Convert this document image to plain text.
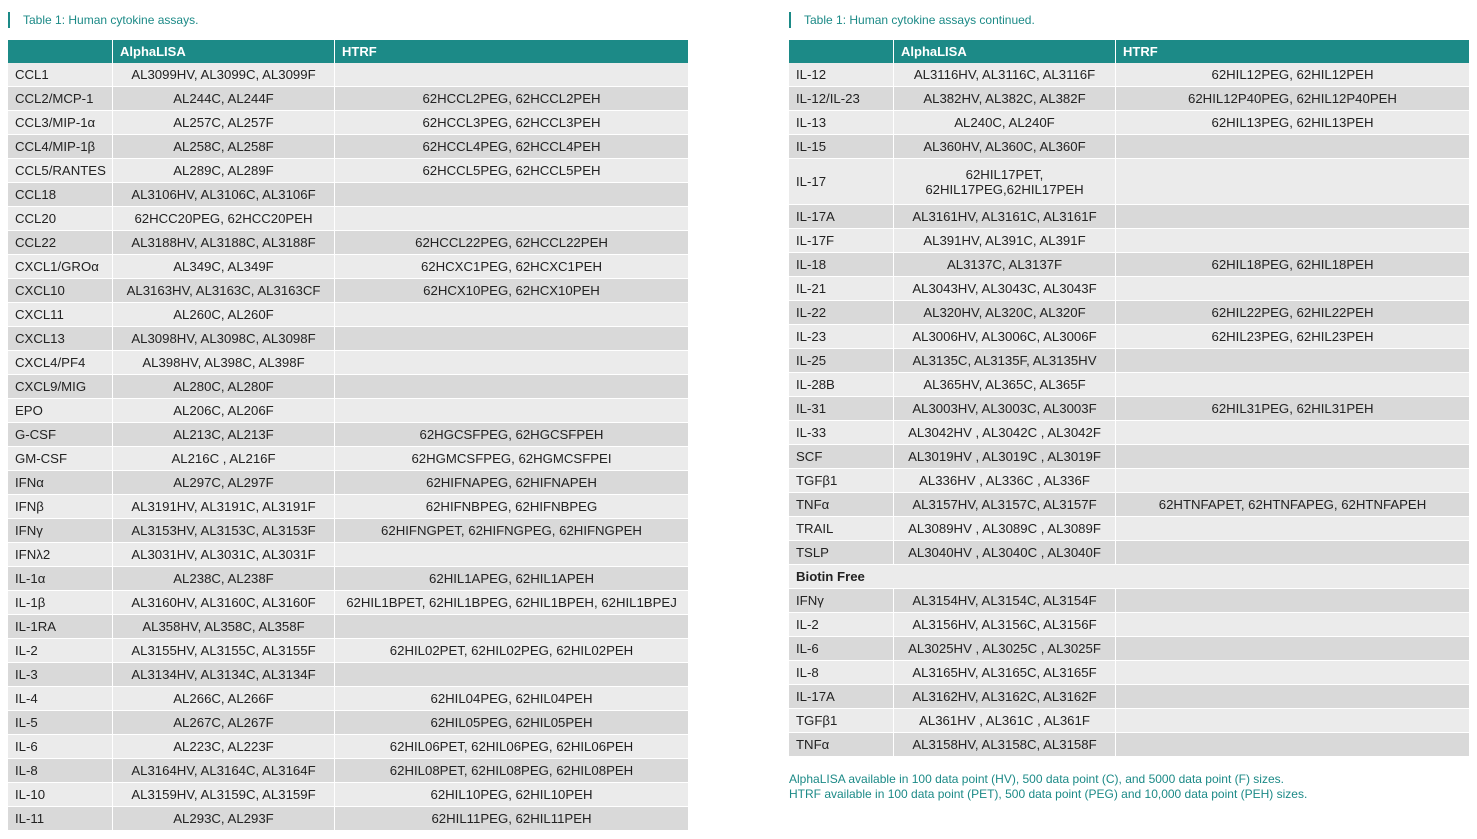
Table 1: Human cytokine assays.
	AlphaLISA	HTRF
CCL1	AL3099HV, AL3099C, AL3099F	
CCL2/MCP-1	AL244C, AL244F	62HCCL2PEG, 62HCCL2PEH
CCL3/MIP-1α	AL257C, AL257F	62HCCL3PEG, 62HCCL3PEH
CCL4/MIP-1β	AL258C, AL258F	62HCCL4PEG, 62HCCL4PEH
CCL5/RANTES	AL289C, AL289F	62HCCL5PEG, 62HCCL5PEH
CCL18	AL3106HV, AL3106C, AL3106F	
CCL20	62HCC20PEG, 62HCC20PEH	
CCL22	AL3188HV, AL3188C, AL3188F	62HCCL22PEG, 62HCCL22PEH
CXCL1/GROα	AL349C, AL349F	62HCXC1PEG, 62HCXC1PEH
CXCL10	AL3163HV, AL3163C, AL3163CF	62HCX10PEG, 62HCX10PEH
CXCL11	AL260C, AL260F	
CXCL13	AL3098HV, AL3098C, AL3098F	
CXCL4/PF4	AL398HV, AL398C, AL398F	
CXCL9/MIG	AL280C, AL280F	
EPO	AL206C, AL206F	
G-CSF	AL213C, AL213F	62HGCSFPEG, 62HGCSFPEH
GM-CSF	AL216C , AL216F	62HGMCSFPEG, 62HGMCSFPEI
IFNα	AL297C, AL297F	62HIFNAPEG, 62HIFNAPEH
IFNβ	AL3191HV, AL3191C, AL3191F	62HIFNBPEG, 62HIFNBPEG
IFNγ	AL3153HV, AL3153C, AL3153F	62HIFNGPET, 62HIFNGPEG, 62HIFNGPEH
IFNλ2	AL3031HV, AL3031C, AL3031F	
IL-1α	AL238C, AL238F	62HIL1APEG, 62HIL1APEH
IL-1β	AL3160HV, AL3160C, AL3160F	62HIL1BPET, 62HIL1BPEG, 62HIL1BPEH, 62HIL1BPEJ
IL-1RA	AL358HV, AL358C, AL358F	
IL-2	AL3155HV, AL3155C, AL3155F	62HIL02PET, 62HIL02PEG, 62HIL02PEH
IL-3	AL3134HV, AL3134C, AL3134F	
IL-4	AL266C, AL266F	62HIL04PEG, 62HIL04PEH
IL-5	AL267C, AL267F	62HIL05PEG, 62HIL05PEH
IL-6	AL223C, AL223F	62HIL06PET, 62HIL06PEG, 62HIL06PEH
IL-8	AL3164HV, AL3164C, AL3164F	62HIL08PET, 62HIL08PEG, 62HIL08PEH
IL-10	AL3159HV, AL3159C, AL3159F	62HIL10PEG, 62HIL10PEH
IL-11	AL293C, AL293F	62HIL11PEG, 62HIL11PEH
Table 1: Human cytokine assays continued.
	AlphaLISA	HTRF
IL-12	AL3116HV, AL3116C, AL3116F	62HIL12PEG, 62HIL12PEH
IL-12/IL-23	AL382HV, AL382C, AL382F	62HIL12P40PEG, 62HIL12P40PEH
IL-13	AL240C, AL240F	62HIL13PEG, 62HIL13PEH
IL-15	AL360HV, AL360C, AL360F	
IL-17	62HIL17PET,
62HIL17PEG,62HIL17PEH	
IL-17A	AL3161HV, AL3161C, AL3161F	
IL-17F	AL391HV, AL391C, AL391F	
IL-18	AL3137C, AL3137F	62HIL18PEG, 62HIL18PEH
IL-21	AL3043HV, AL3043C, AL3043F	
IL-22	AL320HV, AL320C, AL320F	62HIL22PEG, 62HIL22PEH
IL-23	AL3006HV, AL3006C, AL3006F	62HIL23PEG, 62HIL23PEH
IL-25	AL3135C, AL3135F, AL3135HV	
IL-28B	AL365HV, AL365C, AL365F	
IL-31	AL3003HV, AL3003C, AL3003F	62HIL31PEG, 62HIL31PEH
IL-33	AL3042HV , AL3042C , AL3042F	
SCF	AL3019HV , AL3019C , AL3019F	
TGFβ1	AL336HV , AL336C , AL336F	
TNFα	AL3157HV, AL3157C, AL3157F	62HTNFAPET, 62HTNFAPEG, 62HTNFAPEH
TRAIL	AL3089HV , AL3089C , AL3089F	
TSLP	AL3040HV , AL3040C , AL3040F	
Biotin Free		
IFNγ	AL3154HV, AL3154C, AL3154F	
IL-2	AL3156HV, AL3156C, AL3156F	
IL-6	AL3025HV , AL3025C , AL3025F	
IL-8	AL3165HV, AL3165C, AL3165F	
IL-17A	AL3162HV, AL3162C, AL3162F	
TGFβ1	AL361HV , AL361C , AL361F	
TNFα	AL3158HV, AL3158C, AL3158F	
AlphaLISA available in 100 data point (HV), 500 data point (C), and 5000 data point (F) sizes.
HTRF available in 100 data point (PET), 500 data point (PEG) and 10,000 data point (PEH) sizes.
